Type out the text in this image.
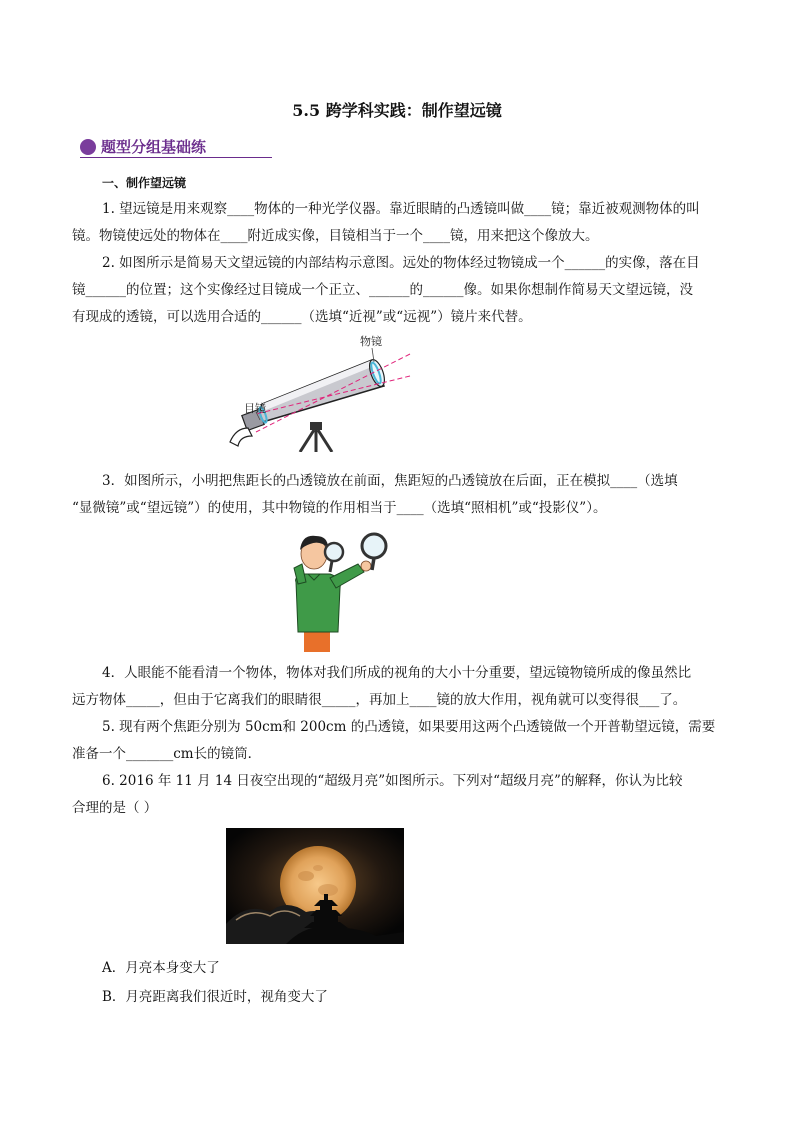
5.5 跨学科实践：制作望远镜
题型分组基础练
一、制作望远镜
1. 望远镜是用来观察____物体的一种光学仪器。靠近眼睛的凸透镜叫做____镜；靠近被观测物体的叫
镜。物镜使远处的物体在____附近成实像，目镜相当于一个____镜，用来把这个像放大。
2. 如图所示是简易天文望远镜的内部结构示意图。远处的物体经过物镜成一个______的实像，落在目
镜______的位置；这个实像经过目镜成一个正立、______的______像。如果你想制作简易天文望远镜，没
有现成的透镜，可以选用合适的______（选填“近视”或“远视”）镜片来代替。
物镜
目镜
3．如图所示，小明把焦距长的凸透镜放在前面，焦距短的凸透镜放在后面，正在模拟____（选填
“显微镜”或“望远镜”）的使用，其中物镜的作用相当于____（选填“照相机”或“投影仪”）。
4．人眼能不能看清一个物体，物体对我们所成的视角的大小十分重要，望远镜物镜所成的像虽然比
远方物体_____，但由于它离我们的眼睛很_____，再加上____镜的放大作用，视角就可以变得很___了。
5. 现有两个焦距分别为 50cm和 200cm 的凸透镜，如果要用这两个凸透镜做一个开普勒望远镜，需要
准备一个_______cm长的镜筒．
6. 2016 年 11 月 14 日夜空出现的“超级月亮”如图所示。下列对“超级月亮”的解释，你认为比较
合理的是（ ）
A．月亮本身变大了
B．月亮距离我们很近时，视角变大了
